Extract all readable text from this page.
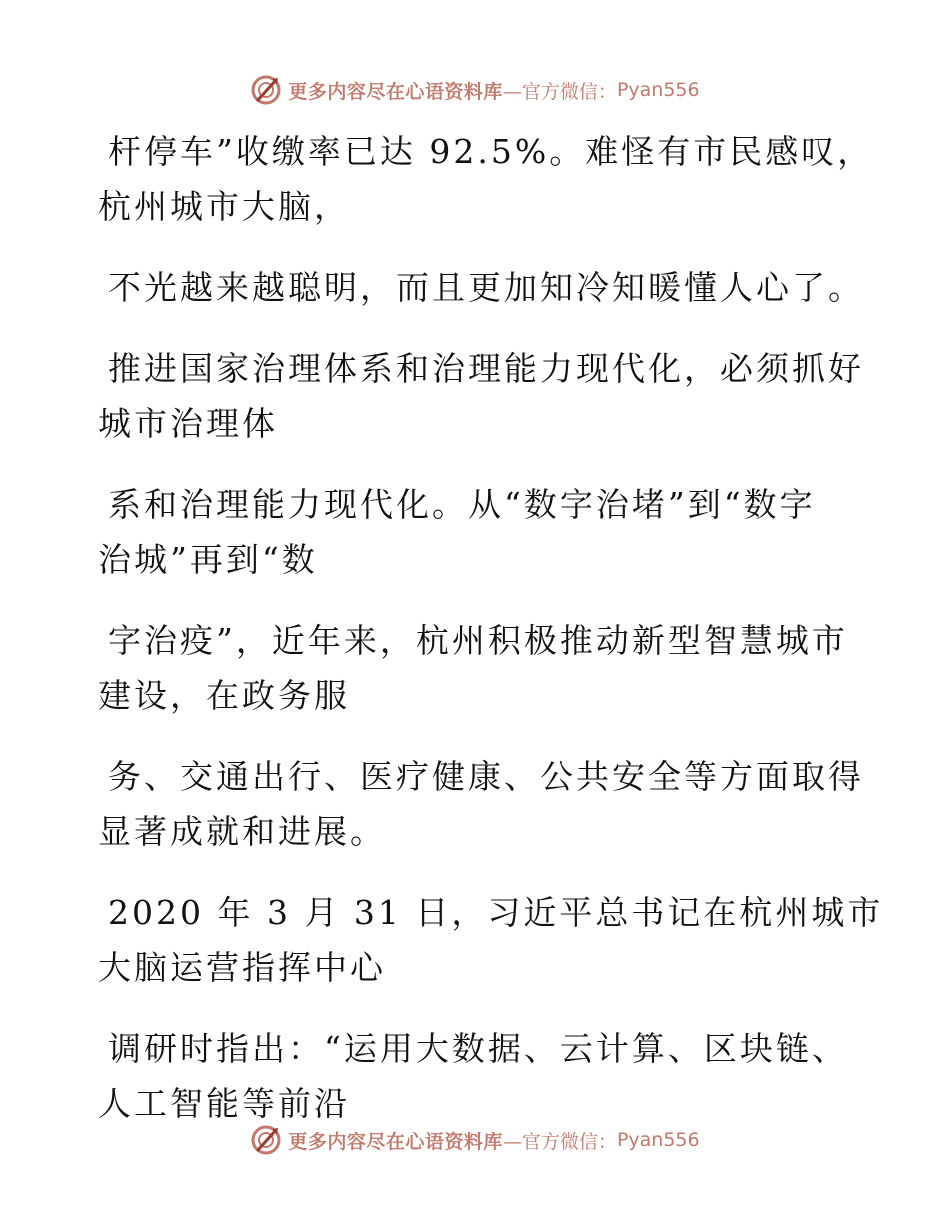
更多内容尽在心语资料库 —官方微信： Pyan556

杆停车”收缴率已达 92.5%。难怪有市民感叹，
杭州城市大脑，

不光越来越聪明，而且更加知冷知暖懂人心了。

推进国家治理体系和治理能力现代化，必须抓好
城市治理体

系和治理能力现代化。从“数字治堵”到“数字
治城”再到“数

字治疫”，近年来，杭州积极推动新型智慧城市
建设，在政务服

务、交通出行、医疗健康、公共安全等方面取得
显著成就和进展。

2020 年 3 月 31 日，习近平总书记在杭州城市
大脑运营指挥中心

调研时指出：“运用大数据、云计算、区块链、
人工智能等前沿

更多内容尽在心语资料库 —官方微信： Pyan556
